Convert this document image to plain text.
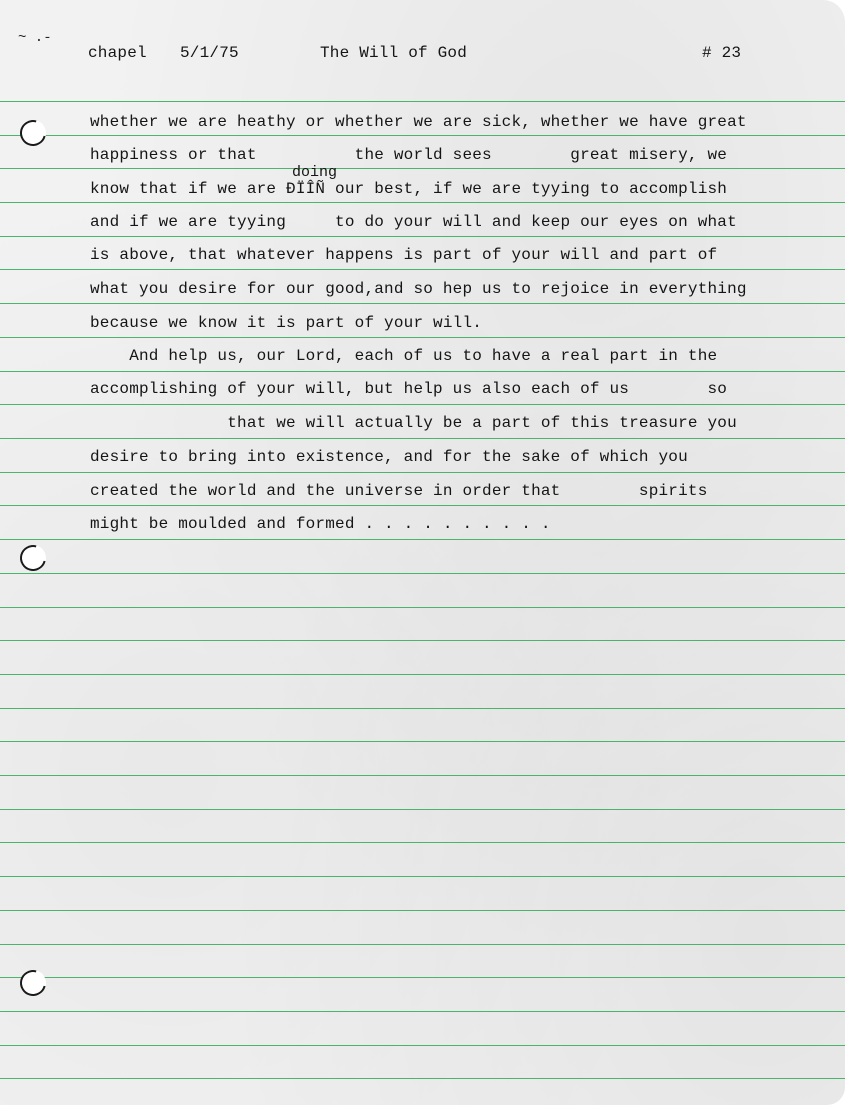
~ .-
chapel 5/1/75	The Will of God	# 23
doing
whether we are heathy or whether we are sick, whether we have great
happiness or that          the world sees        great misery, we
know that if we are ÐÏÎÑ our best, if we are tyying to accomplish
and if we are tyying     to do your will and keep our eyes on what
is above, that whatever happens is part of your will and part of
what you desire for our good,and so hep us to rejoice in everything
because we know it is part of your will.
And help us, our Lord, each of us to have a real part in the
accomplishing of your will, but help us also each of us        so
that we will actually be a part of this treasure you
desire to bring into existence, and for the sake of which you
created the world and the universe in order that        spirits
might be moulded and formed . . . . . . . . . .
